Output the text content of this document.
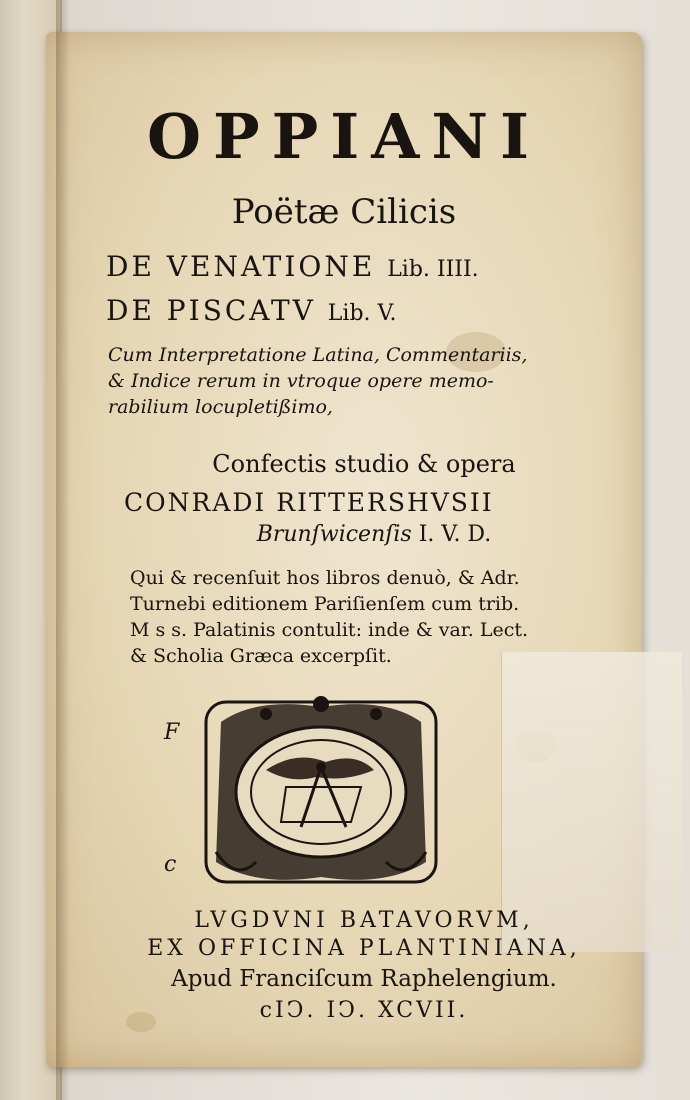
OPPIANI
Poëtæ Cilicis
DE VENATIONE Lib. IIII.
DE PISCATV Lib. V.
Cum Interpretatione Latina, Commentariis,
& Indice rerum in vtroque opere memo-
rabilium locupletißimo,
Confectis studio & opera
CONRADI RITTERSHVSII
Brunſwicenſis I. V. D.
Qui & recenſuit hos libros denuò, & Adr.
Turnebi editionem Pariſienſem cum trib.
M s s. Palatinis contulit: inde & var. Lect.
& Scholia Græca excerpſit.
F
c
LVGDVNI BATAVORVM,
EX OFFICINA PLANTINIANA,
Apud Franciſcum Raphelengium.
cIↃ. IↃ. XCVII.
